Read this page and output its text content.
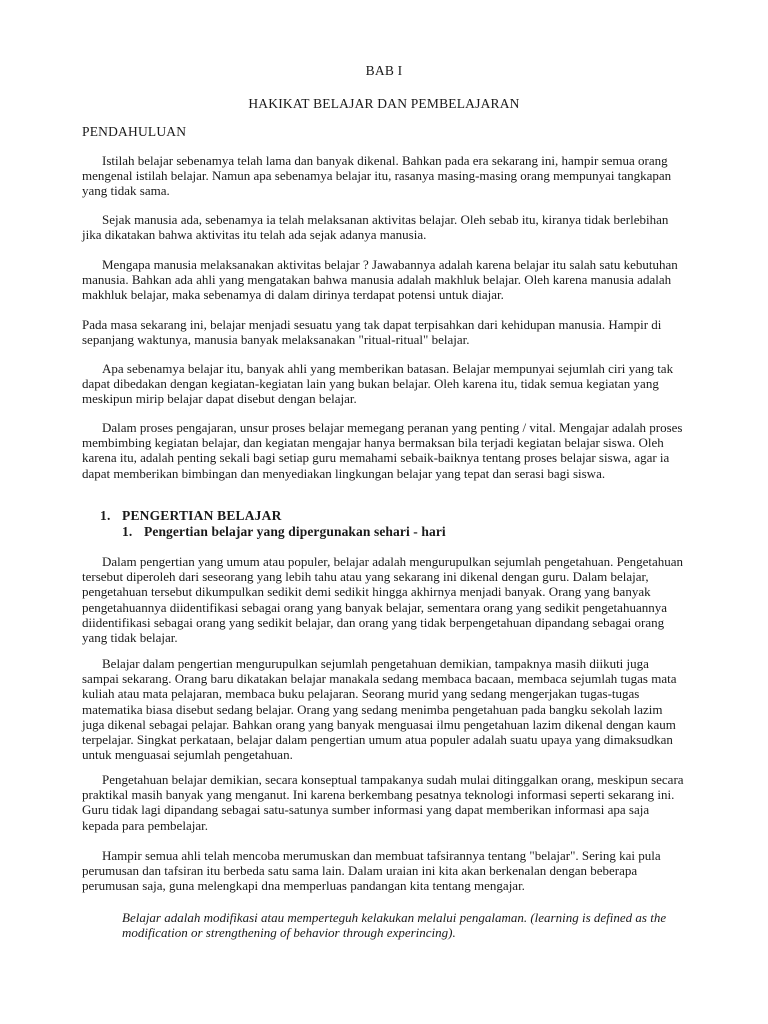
BAB I
HAKIKAT BELAJAR DAN PEMBELAJARAN
PENDAHULUAN

Istilah belajar sebenamya telah lama dan banyak dikenal. Bahkan pada era sekarang ini, hampir semua orang mengenal istilah belajar. Namun apa sebenamya belajar itu, rasanya masing-masing orang mempunyai tangkapan yang tidak sama.

Sejak manusia ada, sebenamya ia telah melaksanan aktivitas belajar. Oleh sebab itu, kiranya tidak berlebihan jika dikatakan bahwa aktivitas itu telah ada sejak adanya manusia.

Mengapa manusia melaksanakan aktivitas belajar ? Jawabannya adalah karena belajar itu salah satu kebutuhan manusia. Bahkan ada ahli yang mengatakan bahwa manusia adalah makhluk belajar. Oleh karena manusia adalah makhluk belajar, maka sebenamya di dalam dirinya terdapat potensi untuk diajar.

Pada masa sekarang ini, belajar menjadi sesuatu yang tak dapat terpisahkan dari kehidupan manusia. Hampir di sepanjang waktunya, manusia banyak melaksanakan "ritual-ritual" belajar.

Apa sebenamya belajar itu, banyak ahli yang memberikan batasan. Belajar mempunyai sejumlah ciri yang tak dapat dibedakan dengan kegiatan-kegiatan lain yang bukan belajar. Oleh karena itu, tidak semua kegiatan yang meskipun mirip belajar dapat disebut dengan belajar.

Dalam proses pengajaran, unsur proses belajar memegang peranan yang penting / vital. Mengajar adalah proses membimbing kegiatan belajar, dan kegiatan mengajar hanya bermaksan bila terjadi kegiatan belajar siswa. Oleh karena itu, adalah penting sekali bagi setiap guru memahami sebaik-baiknya tentang proses belajar siswa, agar ia dapat memberikan bimbingan dan menyediakan lingkungan belajar yang tepat dan serasi bagi siswa.

1. PENGERTIAN BELAJAR
1. Pengertian belajar yang dipergunakan sehari - hari

Dalam pengertian yang umum atau populer, belajar adalah mengurupulkan sejumlah pengetahuan. Pengetahuan tersebut diperoleh dari seseorang yang lebih tahu atau yang sekarang ini dikenal dengan guru. Dalam belajar, pengetahuan tersebut dikumpulkan sedikit demi sedikit hingga akhirnya menjadi banyak. Orang yang banyak pengetahuannya diidentifikasi sebagai orang yang banyak belajar, sementara orang yang sedikit pengetahuannya diidentifikasi sebagai orang yang sedikit belajar, dan orang yang tidak berpengetahuan dipandang sebagai orang yang tidak belajar.

Belajar dalam pengertian mengurupulkan sejumlah pengetahuan demikian, tampaknya masih diikuti juga sampai sekarang. Orang baru dikatakan belajar manakala sedang membaca bacaan, membaca sejumlah tugas mata kuliah atau mata pelajaran, membaca buku pelajaran. Seorang murid yang sedang mengerjakan tugas-tugas matematika biasa disebut sedang belajar. Orang yang sedang menimba pengetahuan pada bangku sekolah lazim juga dikenal sebagai pelajar. Bahkan orang yang banyak menguasai ilmu pengetahuan lazim dikenal dengan kaum terpelajar. Singkat perkataan, belajar dalam pengertian umum atua populer adalah suatu upaya yang dimaksudkan untuk menguasai sejumlah pengetahuan.

Pengetahuan belajar demikian, secara konseptual tampakanya sudah mulai ditinggalkan orang, meskipun secara praktikal masih banyak yang menganut. Ini karena berkembang pesatnya teknologi informasi seperti sekarang ini. Guru tidak lagi dipandang sebagai satu-satunya sumber informasi yang dapat memberikan informasi apa saja kepada para pembelajar.

Hampir semua ahli telah mencoba merumuskan dan membuat tafsirannya tentang "belajar". Sering kai pula perumusan dan tafsiran itu berbeda satu sama lain. Dalam uraian ini kita akan berkenalan dengan beberapa perumusan saja, guna melengkapi dna memperluas pandangan kita tentang mengajar.

Belajar adalah modifikasi atau memperteguh kelakukan melalui pengalaman. (learning is defined as the modification or strengthening of behavior through experincing).
